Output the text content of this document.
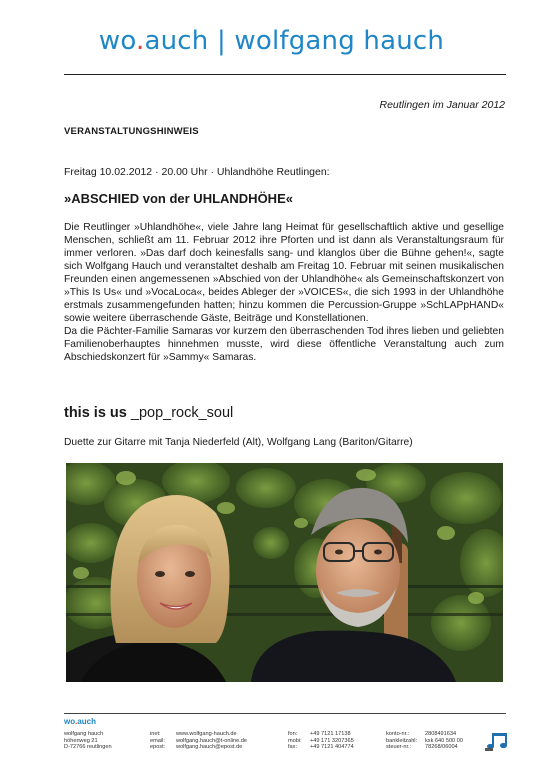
wo.auch | wolfgang hauch
Reutlingen im Januar 2012
VERANSTALTUNGSHINWEIS
Freitag 10.02.2012 · 20.00 Uhr · Uhlandhöhe Reutlingen:
»ABSCHIED von der UHLANDHÖHE«

Die Reutlinger »Uhlandhöhe«, viele Jahre lang Heimat für gesellschaftlich aktive und gesellige Menschen, schließt am 11. Februar 2012 ihre Pforten und ist dann als Veranstaltungsraum für immer verloren. »Das darf doch keinesfalls sang- und klanglos über die Bühne gehen!«, sagte sich Wolfgang Hauch und veranstaltet deshalb am Freitag 10. Februar mit seinen musikalischen Freunden einen angemessenen »Abschied von der Uhlandhöhe« als Gemeinschaftskonzert von »This Is Us« und »VocaLoca«, beides Ableger der »VOICES«, die sich 1993 in der Uhlandhöhe erstmals zusammengefunden hatten; hinzu kommen die Percussion-Gruppe »SchLAPpHAND« sowie weitere überraschende Gäste, Beiträge und Konstellationen.

Da die Pächter-Familie Samaras vor kurzem den überraschenden Tod ihres lieben und geliebten Familienoberhauptes hinnehmen musste, wird diese öffentliche Veranstaltung auch zum Abschiedskonzert für »Sammy« Samaras.

this is us _pop_rock_soul
Duette zur Gitarre mit Tanja Niederfeld (Alt), Wolfgang Lang (Bariton/Gitarre)
wo.auch
wolfgang hauch
höhenweg 21
D-72766 reutlingen
inet:
email:
epost:
www.wolfgang-hauch.de
wolfgang.hauch@t-online.de
wolfgang.hauch@epost.de
fon:
mobi:
fax:
+49 7121 17138
+49 171 3207365
+49 7121 404774
konto-nr.:
bankleitzahl:
steuer-nr.:
2808491634
ksk 640 500 00
78268/06004
